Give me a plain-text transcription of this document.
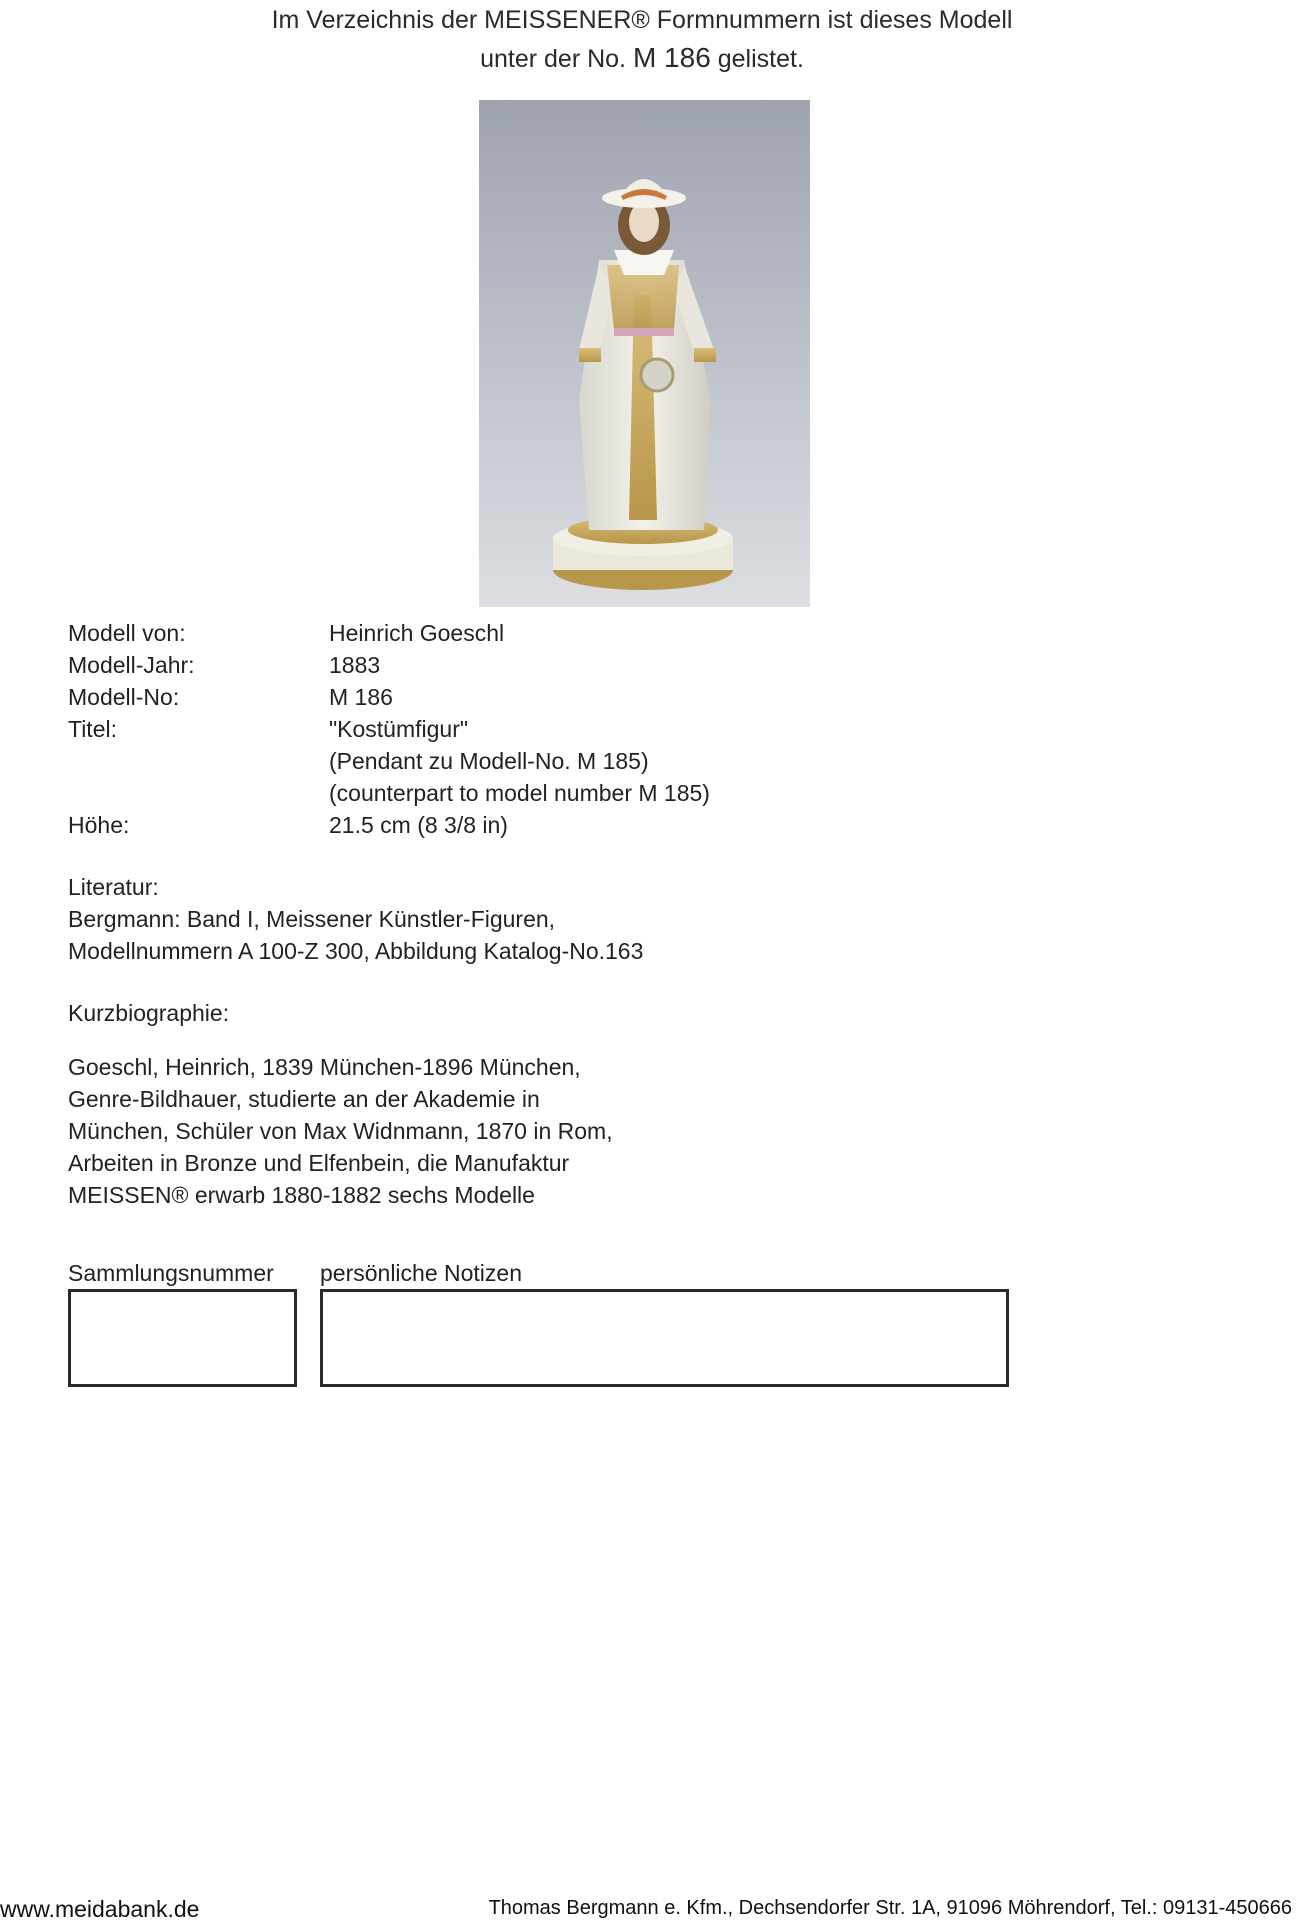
Im Verzeichnis der MEISSENER® Formnummern ist dieses Modell
unter der No. M 186 gelistet.
Modell von:	Heinrich Goeschl
Modell-Jahr:	1883
Modell-No:	M 186
Titel:	"Kostümfigur"
(Pendant zu Modell-No. M 185)
(counterpart to model number M 185)
Höhe:	21.5 cm (8 3/8 in)
Literatur:
Bergmann: Band I, Meissener Künstler-Figuren,
Modellnummern A 100-Z 300, Abbildung Katalog-No.163
Kurzbiographie:
Goeschl, Heinrich, 1839 München-1896 München,
Genre-Bildhauer, studierte an der Akademie in
München, Schüler von Max Widnmann, 1870 in Rom,
Arbeiten in Bronze und Elfenbein, die Manufaktur
MEISSEN® erwarb 1880-1882 sechs Modelle
Sammlungsnummer persönliche Notizen
www.meidabank.de	Thomas Bergmann e. Kfm., Dechsendorfer Str. 1A, 91096 Möhrendorf, Tel.: 09131-450666
